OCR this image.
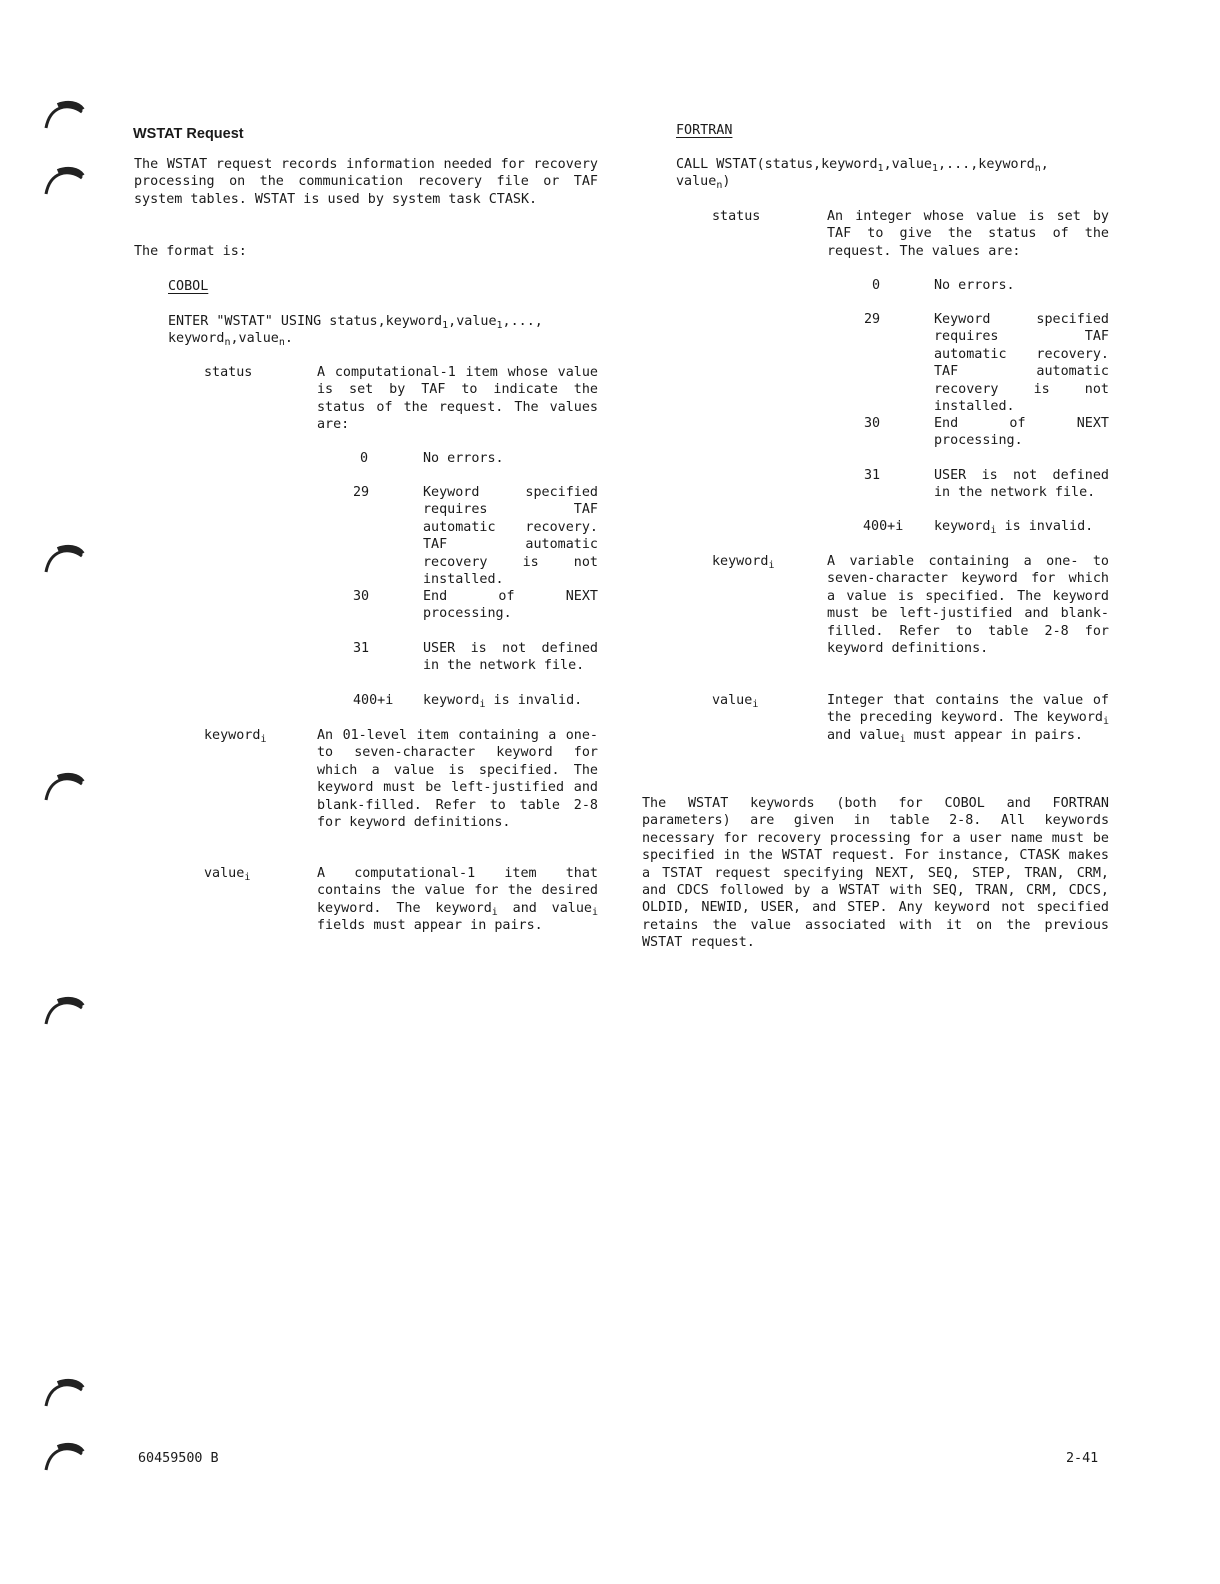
WSTAT Request
The WSTAT request records information needed for recovery processing on the communication recovery file or TAF system tables. WSTAT is used by system task CTASK.
The format is:
COBOL
ENTER "WSTAT" USING status,keyword$_1$,value$_1$,...,
keyword$_n$,value$_n$.
status	A computational-1 item whose value is set by TAF to indicate the status of the request. The values are:
0	No errors.
29	Keyword specified requires TAF automatic recovery. TAF automatic recovery is not installed.
30	End of NEXT processing.
31	USER is not defined in the network file.
400+i keyword$_i$ is invalid.
keyword$_i$	An 01-level item containing a one- to seven-character keyword for which a value is specified. The keyword must be left-justified and blank-filled. Refer to table 2-8 for keyword definitions.
value$_i$	A computational-1 item that contains the value for the desired keyword. The keyword$_i$ and value$_i$ fields must appear in pairs.
FORTRAN
CALL WSTAT(status,keyword$_1$,value$_1$,...,keyword$_n$,
value$_n$)
status	An integer whose value is set by TAF to give the status of the request. The values are:
0	No errors.
29	Keyword specified requires TAF automatic recovery. TAF automatic recovery is not installed.
30	End of NEXT processing.
31	USER is not defined in the network file.
400+i keyword$_i$ is invalid.
keyword$_i$	A variable containing a one- to seven-character keyword for which a value is specified. The keyword must be left-justified and blank-filled. Refer to table 2-8 for keyword definitions.
value$_i$	Integer that contains the value of the preceding keyword. The keyword$_i$ and value$_i$ must appear in pairs.
The WSTAT keywords (both for COBOL and FORTRAN parameters) are given in table 2-8. All keywords necessary for recovery processing for a user name must be specified in the WSTAT request. For instance, CTASK makes a TSTAT request specifying NEXT, SEQ, STEP, TRAN, CRM, and CDCS followed by a WSTAT with SEQ, TRAN, CRM, CDCS, OLDID, NEWID, USER, and STEP. Any keyword not specified retains the value associated with it on the previous WSTAT request.
60459500 B	2-41
